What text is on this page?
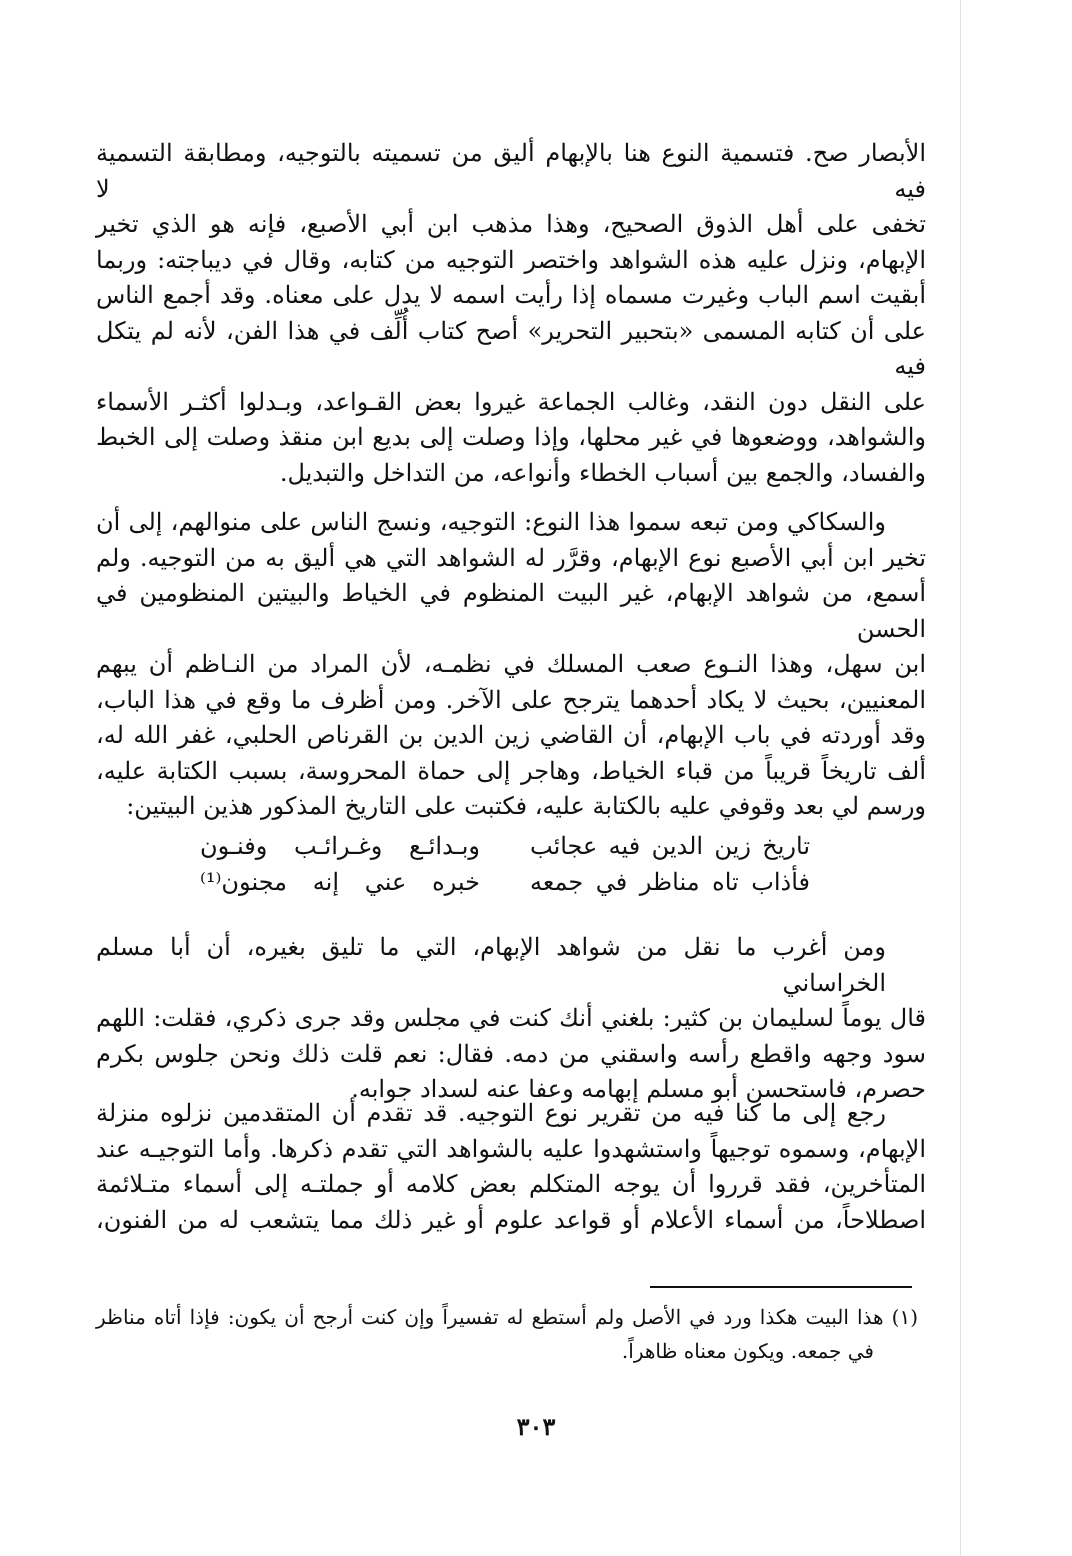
الأبصار صح. فتسمية النوع هنا بالإبهام أليق من تسميته بالتوجيه، ومطابقة التسمية فيه لا
تخفى على أهل الذوق الصحيح، وهذا مذهب ابن أبي الأصبع، فإنه هو الذي تخير
الإبهام، ونزل عليه هذه الشواهد واختصر التوجيه من كتابه، وقال في ديباجته: وربما
أبقيت اسم الباب وغيرت مسماه إذا رأيت اسمه لا يدل على معناه. وقد أجمع الناس
على أن كتابه المسمى «بتحبير التحرير» أصح كتاب أُلِّف في هذا الفن، لأنه لم يتكل فيه
على النقل دون النقد، وغالب الجماعة غيروا بعض القـواعد، وبـدلوا أكثـر الأسماء
والشواهد، ووضعوها في غير محلها، وإذا وصلت إلى بديع ابن منقذ وصلت إلى الخبط
والفساد، والجمع بين أسباب الخطاء وأنواعه، من التداخل والتبديل.
والسكاكي ومن تبعه سموا هذا النوع: التوجيه، ونسج الناس على منوالهم، إلى أن
تخير ابن أبي الأصبع نوع الإبهام، وقرَّر له الشواهد التي هي أليق به من التوجيه. ولم
أسمع، من شواهد الإبهام، غير البيت المنظوم في الخياط والبيتين المنظومين في الحسن
ابن سهل، وهذا النـوع صعب المسلك في نظمـه، لأن المراد من النـاظم أن يبهم
المعنيين، بحيث لا يكاد أحدهما يترجح على الآخر. ومن أظرف ما وقع في هذا الباب،
وقد أوردته في باب الإبهام، أن القاضي زين الدين بن القرناص الحلبي، غفر الله له،
ألف تاريخاً قريباً من قباء الخياط، وهاجر إلى حماة المحروسة، بسبب الكتابة عليه،
ورسم لي بعد وقوفي عليه بالكتابة عليه، فكتبت على التاريخ المذكور هذين البيتين:
تاريخ زين الدين فيه عجائب
وبـدائـع وغـرائـب وفنـون
فأذاب تاه مناظر في جمعه
خبره عني إنه مجنون⁽¹⁾
ومن أغرب ما نقل من شواهد الإبهام، التي ما تليق بغيره، أن أبا مسلم الخراساني
قال يوماً لسليمان بن كثير: بلغني أنك كنت في مجلس وقد جرى ذكري، فقلت: اللهم
سود وجهه واقطع رأسه واسقني من دمه. فقال: نعم قلت ذلك ونحن جلوس بكرم
حصرم، فاستحسن أبو مسلم إبهامه وعفا عنه لسداد جوابه.
رجع إلى ما كنا فيه من تقرير نوع التوجيه. قد تقدم أن المتقدمين نزلوه منزلة
الإبهام، وسموه توجيهاً واستشهدوا عليه بالشواهد التي تقدم ذكرها. وأما التوجيـه عند
المتأخرين، فقد قرروا أن يوجه المتكلم بعض كلامه أو جملتـه إلى أسماء متـلائمة
اصطلاحاً، من أسماء الأعلام أو قواعد علوم أو غير ذلك مما يتشعب له من الفنون،
(١) هذا البيت هكذا ورد في الأصل ولم أستطع له تفسيراً وإن كنت أرجح أن يكون: فإذا أتاه مناظر
في جمعه. ويكون معناه ظاهراً.
٣٠٣
